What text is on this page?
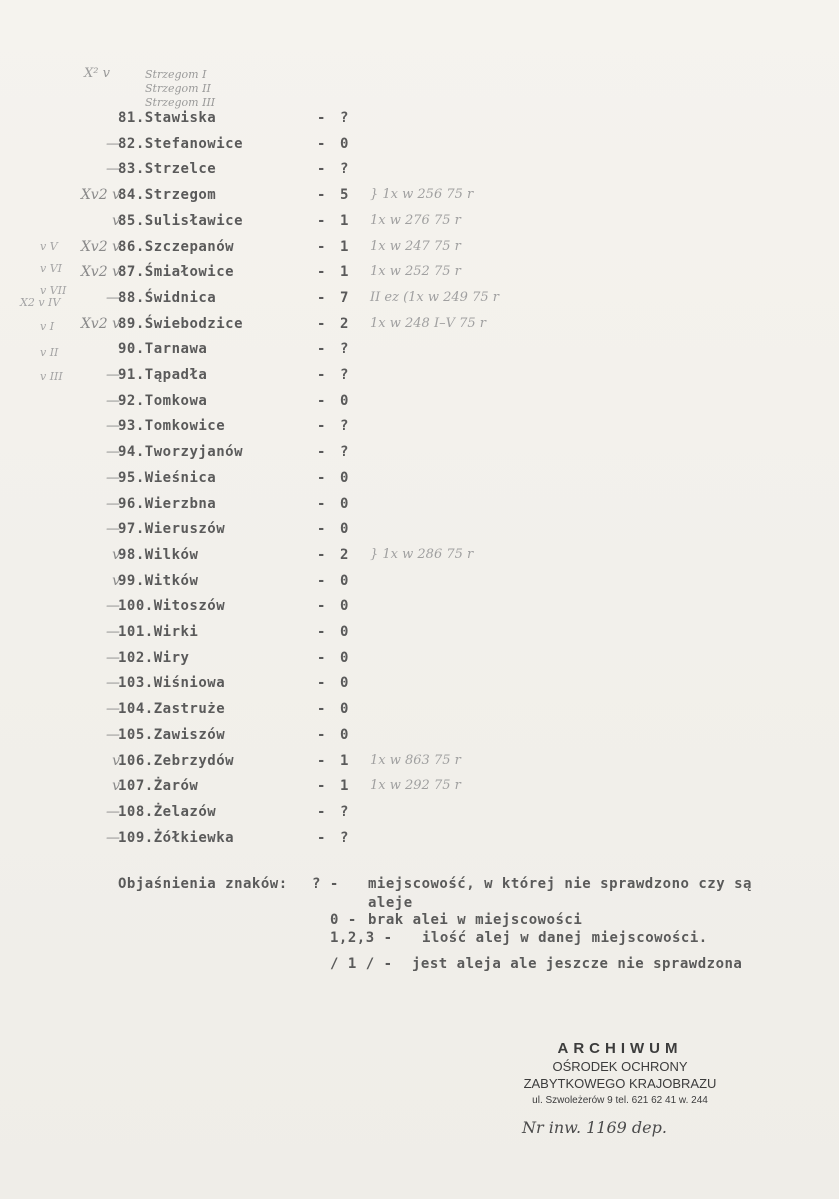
X² v	Strzegom I
Strzegom II
Strzegom III
v V
v VI
v VII
X2 v IV
v I
v II
v III
81.Stawiska	- ?
—
82.Stefanowice	- 0
—
83.Strzelce	- ?
Xv2 v
84.Strzegom	- 5 } 1x w 256 75 r
v
85.Sulisławice	- 1 1x w 276 75 r
Xv2 v
86.Szczepanów	- 1 1x w 247 75 r
Xv2 v
87.Śmiałowice	- 1 1x w 252 75 r
—
88.Świdnica	- 7 II ez (1x w 249 75 r
Xv2 v
89.Świebodzice	- 2 1x w 248 I–V 75 r
90.Tarnawa	- ?
—
91.Tąpadła	- ?
—
92.Tomkowa	- 0
—
93.Tomkowice	- ?
—
94.Tworzyjanów	- ?
—
95.Wieśnica	- 0
—
96.Wierzbna	- 0
—
97.Wieruszów	- 0
v
98.Wilków	- 2 } 1x w 286 75 r
v
99.Witków	- 0
—
100.Witoszów	- 0
—
101.Wirki	- 0
—
102.Wiry	- 0
—
103.Wiśniowa	- 0
—
104.Zastruże	- 0
—
105.Zawiszów	- 0
v
106.Zebrzydów	- 1 1x w 863 75 r
v
107.Żarów	- 1 1x w 292 75 r
—
108.Żelazów	- ?
—
109.Żółkiewka	- ?
Objaśnienia znaków: ? - miejscowość, w której nie sprawdzono czy są
aleje
0 - brak alei w miejscowości
1,2,3 - ilość alej w danej miejscowości.
/ 1 / - jest aleja ale jeszcze nie sprawdzona
ARCHIWUM
OŚRODEK OCHRONY
ZABYTKOWEGO KRAJOBRAZU
ul. Szwoleżerów 9 tel. 621 62 41 w. 244
Nr inw. 1169 dep.
